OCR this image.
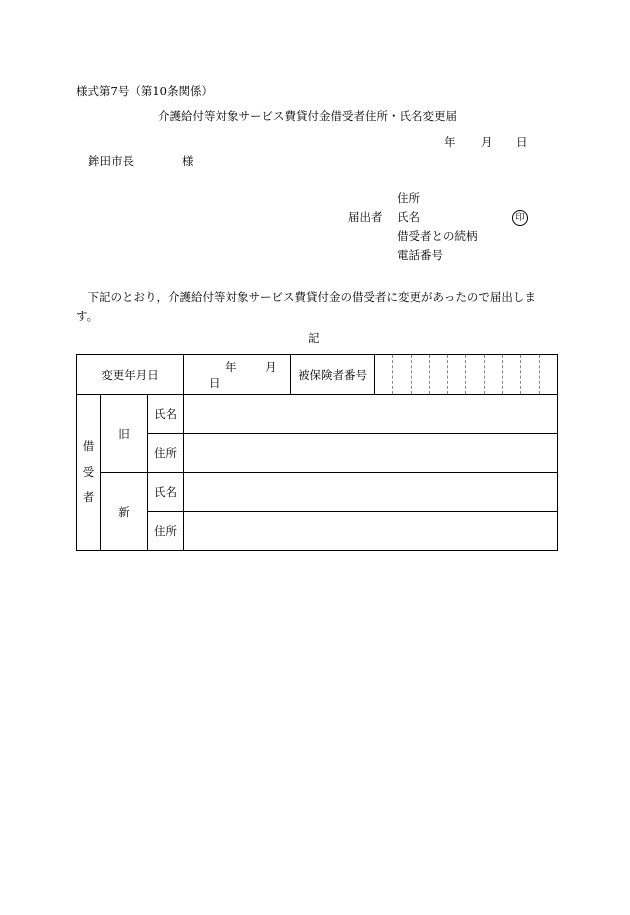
様式第7号（第10条関係）
介護給付等対象サービス費貸付金借受者住所・氏名変更届
年 月 日
鉾田市長	様
住所
届出者 氏名	印
借受者との続柄
電話番号
下記のとおり，介護給付等対象サービス費貸付金の借受者に変更があったので届出します。
記
変更年月日			年 月 日	被保険者番号	

借
受
者	旧	氏名			
		住所			
	新	氏名			
		住所			
